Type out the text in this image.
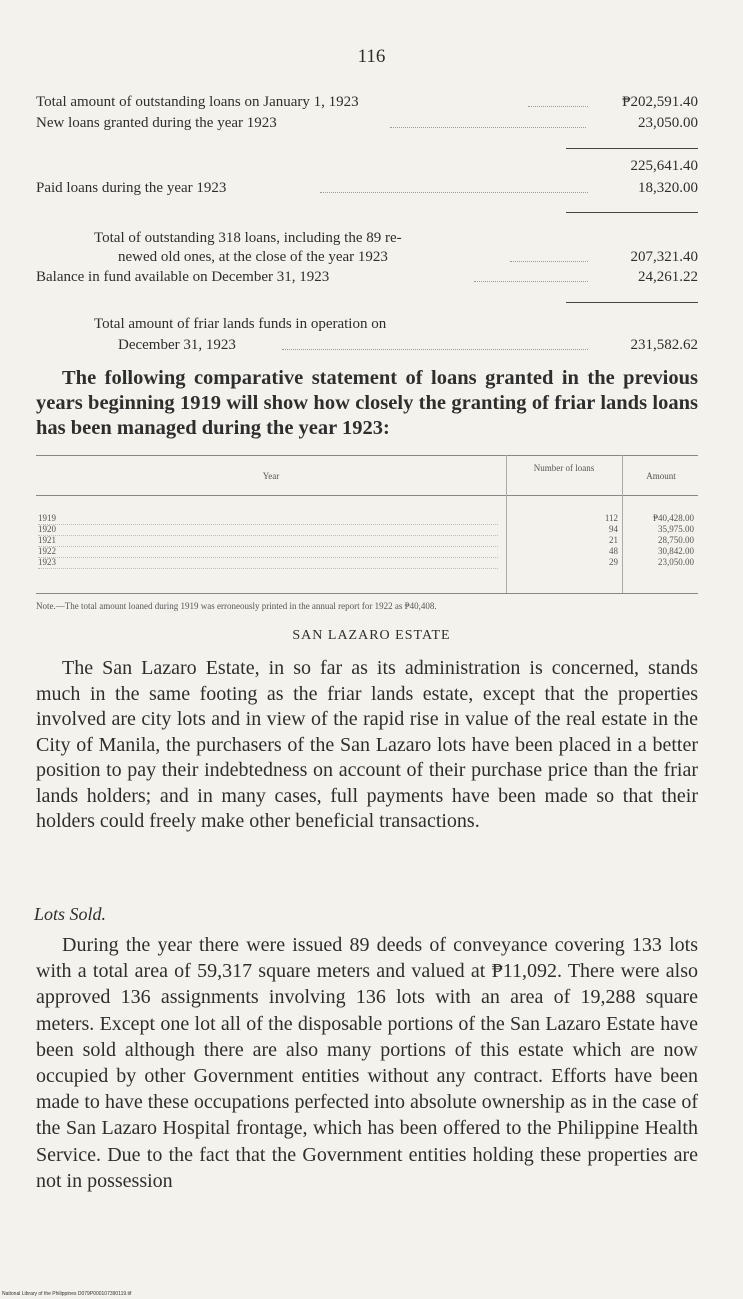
116
Total amount of outstanding loans on January 1, 1923	₱202,591.40
New loans granted during the year 1923	23,050.00
225,641.40
Paid loans during the year 1923	18,320.00
Total of outstanding 318 loans, including the 89 re-
newed old ones, at the close of the year 1923	207,321.40
Balance in fund available on December 31, 1923	24,261.22
Total amount of friar lands funds in operation on
December 31, 1923	231,582.62
The following comparative statement of loans granted in the previous years beginning 1919 will show how closely the granting of friar lands loans has been managed during the year 1923:
Year
Number of loans
Amount
1919	112	₱40,428.00
1920	94	35,975.00
1921	21	28,750.00
1922	48	30,842.00
1923	29	23,050.00
Note.—The total amount loaned during 1919 was erroneously printed in the annual report for 1922 as ₱40,408.
SAN LAZARO ESTATE
The San Lazaro Estate, in so far as its administration is concerned, stands much in the same footing as the friar lands estate, except that the properties involved are city lots and in view of the rapid rise in value of the real estate in the City of Manila, the purchasers of the San Lazaro lots have been placed in a better position to pay their indebtedness on account of their purchase price than the friar lands holders; and in many cases, full payments have been made so that their holders could freely make other beneficial transactions.
Lots Sold.
During the year there were issued 89 deeds of conveyance covering 133 lots with a total area of 59,317 square meters and valued at ₱11,092. There were also approved 136 assignments involving 136 lots with an area of 19,288 square meters. Except one lot all of the disposable portions of the San Lazaro Estate have been sold although there are also many portions of this estate which are now occupied by other Government entities without any contract. Efforts have been made to have these occupations perfected into absolute ownership as in the case of the San Lazaro Hospital frontage, which has been offered to the Philippine Health Service. Due to the fact that the Government entities holding these properties are not in possession
National Library of the Philippines D079P000107390119.tif
